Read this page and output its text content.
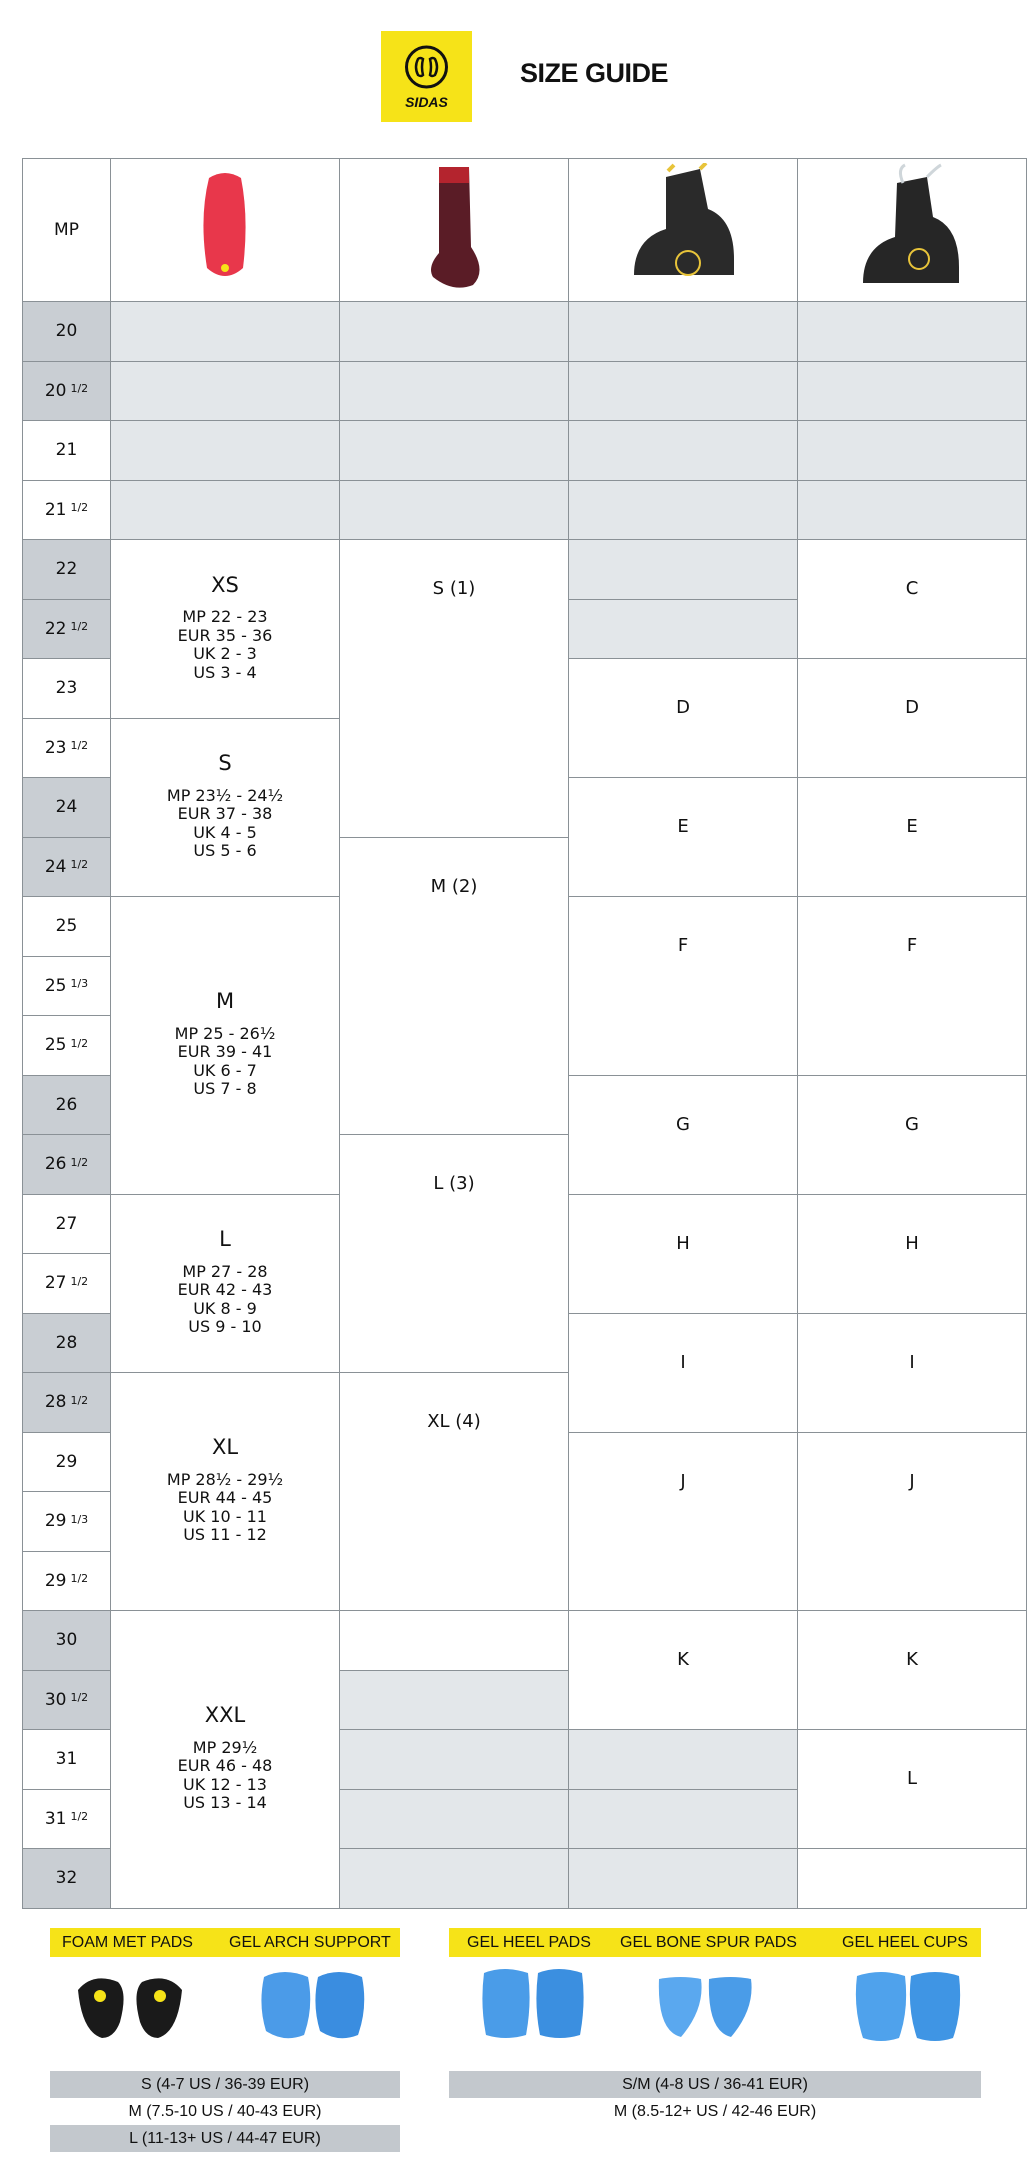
SIDAS
SIZE GUIDE
MP
20
20 1/2
21
21 1/2
22
22 1/2
23
23 1/2
24
24 1/2
25
25 1/3
25 1/2
26
26 1/2
27
27 1/2
28
28 1/2
29
29 1/3
29 1/2
30
30 1/2
31
31 1/2
32
XS
MP 22 - 23
EUR 35 - 36
UK 2 - 3
US 3 - 4
S
MP 23½ - 24½
EUR 37 - 38
UK 4 - 5
US 5 - 6
M
MP 25 - 26½
EUR 39 - 41
UK 6 - 7
US 7 - 8
L
MP 27 - 28
EUR 42 - 43
UK 8 - 9
US 9 - 10
XL
MP 28½ - 29½
EUR 44 - 45
UK 10 - 11
US 11 - 12
XXL
MP 29½
EUR 46 - 48
UK 12 - 13
US 13 - 14
S (1)
M (2)
L (3)
XL (4)
D
E
F
G
H
I
J
K
C
D
E
F
G
H
I
J
K
L
FOAM MET PADS GEL ARCH SUPPORT	GEL HEEL PADS GEL BONE SPUR PADS	GEL HEEL CUPS
S (4-7 US / 36-39 EUR)
M (7.5-10 US / 40-43 EUR)
L (11-13+ US / 44-47 EUR)
S/M (4-8 US / 36-41 EUR)
M (8.5-12+ US / 42-46 EUR)
